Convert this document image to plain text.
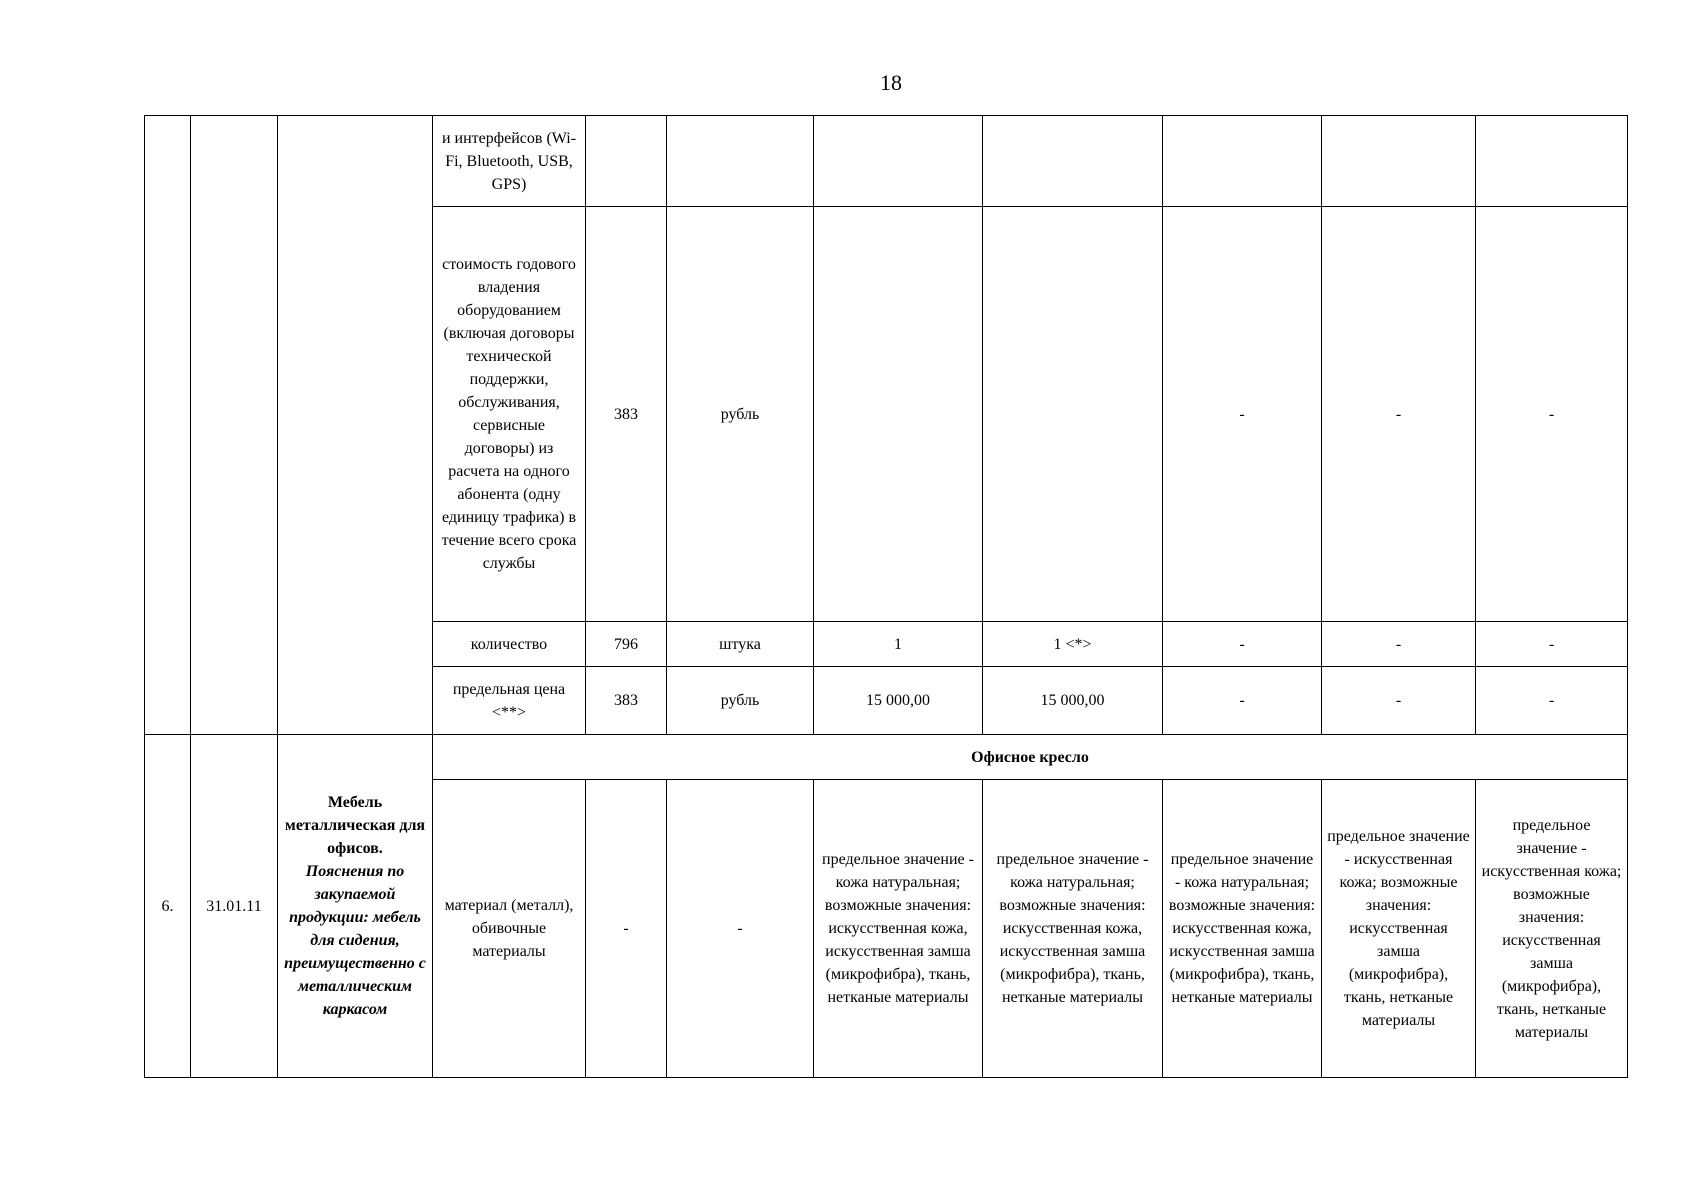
18
			и интерфейсов (Wi-Fi, Bluetooth, USB, GPS)							
			стоимость годового владения оборудованием (включая договоры технической поддержки, обслуживания, сервисные договоры) из расчета на одного абонента (одну единицу трафика) в течение всего срока службы	383	рубль			-	-	-
			количество	796	штука	1	1 <*>	-	-	-
			предельная цена <**>	383	рубль	15 000,00	15 000,00	-	-	-
6.	31.01.11	Мебель металлическая для офисов.
Пояснения по закупаемой продукции: мебель для сидения, преимущественно с металлическим каркасом	Офисное кресло							
			материал (металл), обивочные материалы	-	-	предельное значение - кожа натуральная; возможные значения: искусственная кожа, искусственная замша (микрофибра), ткань, нетканые материалы	предельное значение - кожа натуральная; возможные значения: искусственная кожа, искусственная замша (микрофибра), ткань, нетканые материалы	предельное значение - кожа натуральная; возможные значения: искусственная кожа, искусственная замша (микрофибра), ткань, нетканые материалы	предельное значение - искусственная кожа; возможные значения: искусственная замша (микрофибра), ткань, нетканые материалы	предельное значение - искусственная кожа; возможные значения: искусственная замша (микрофибра), ткань, нетканые материалы
